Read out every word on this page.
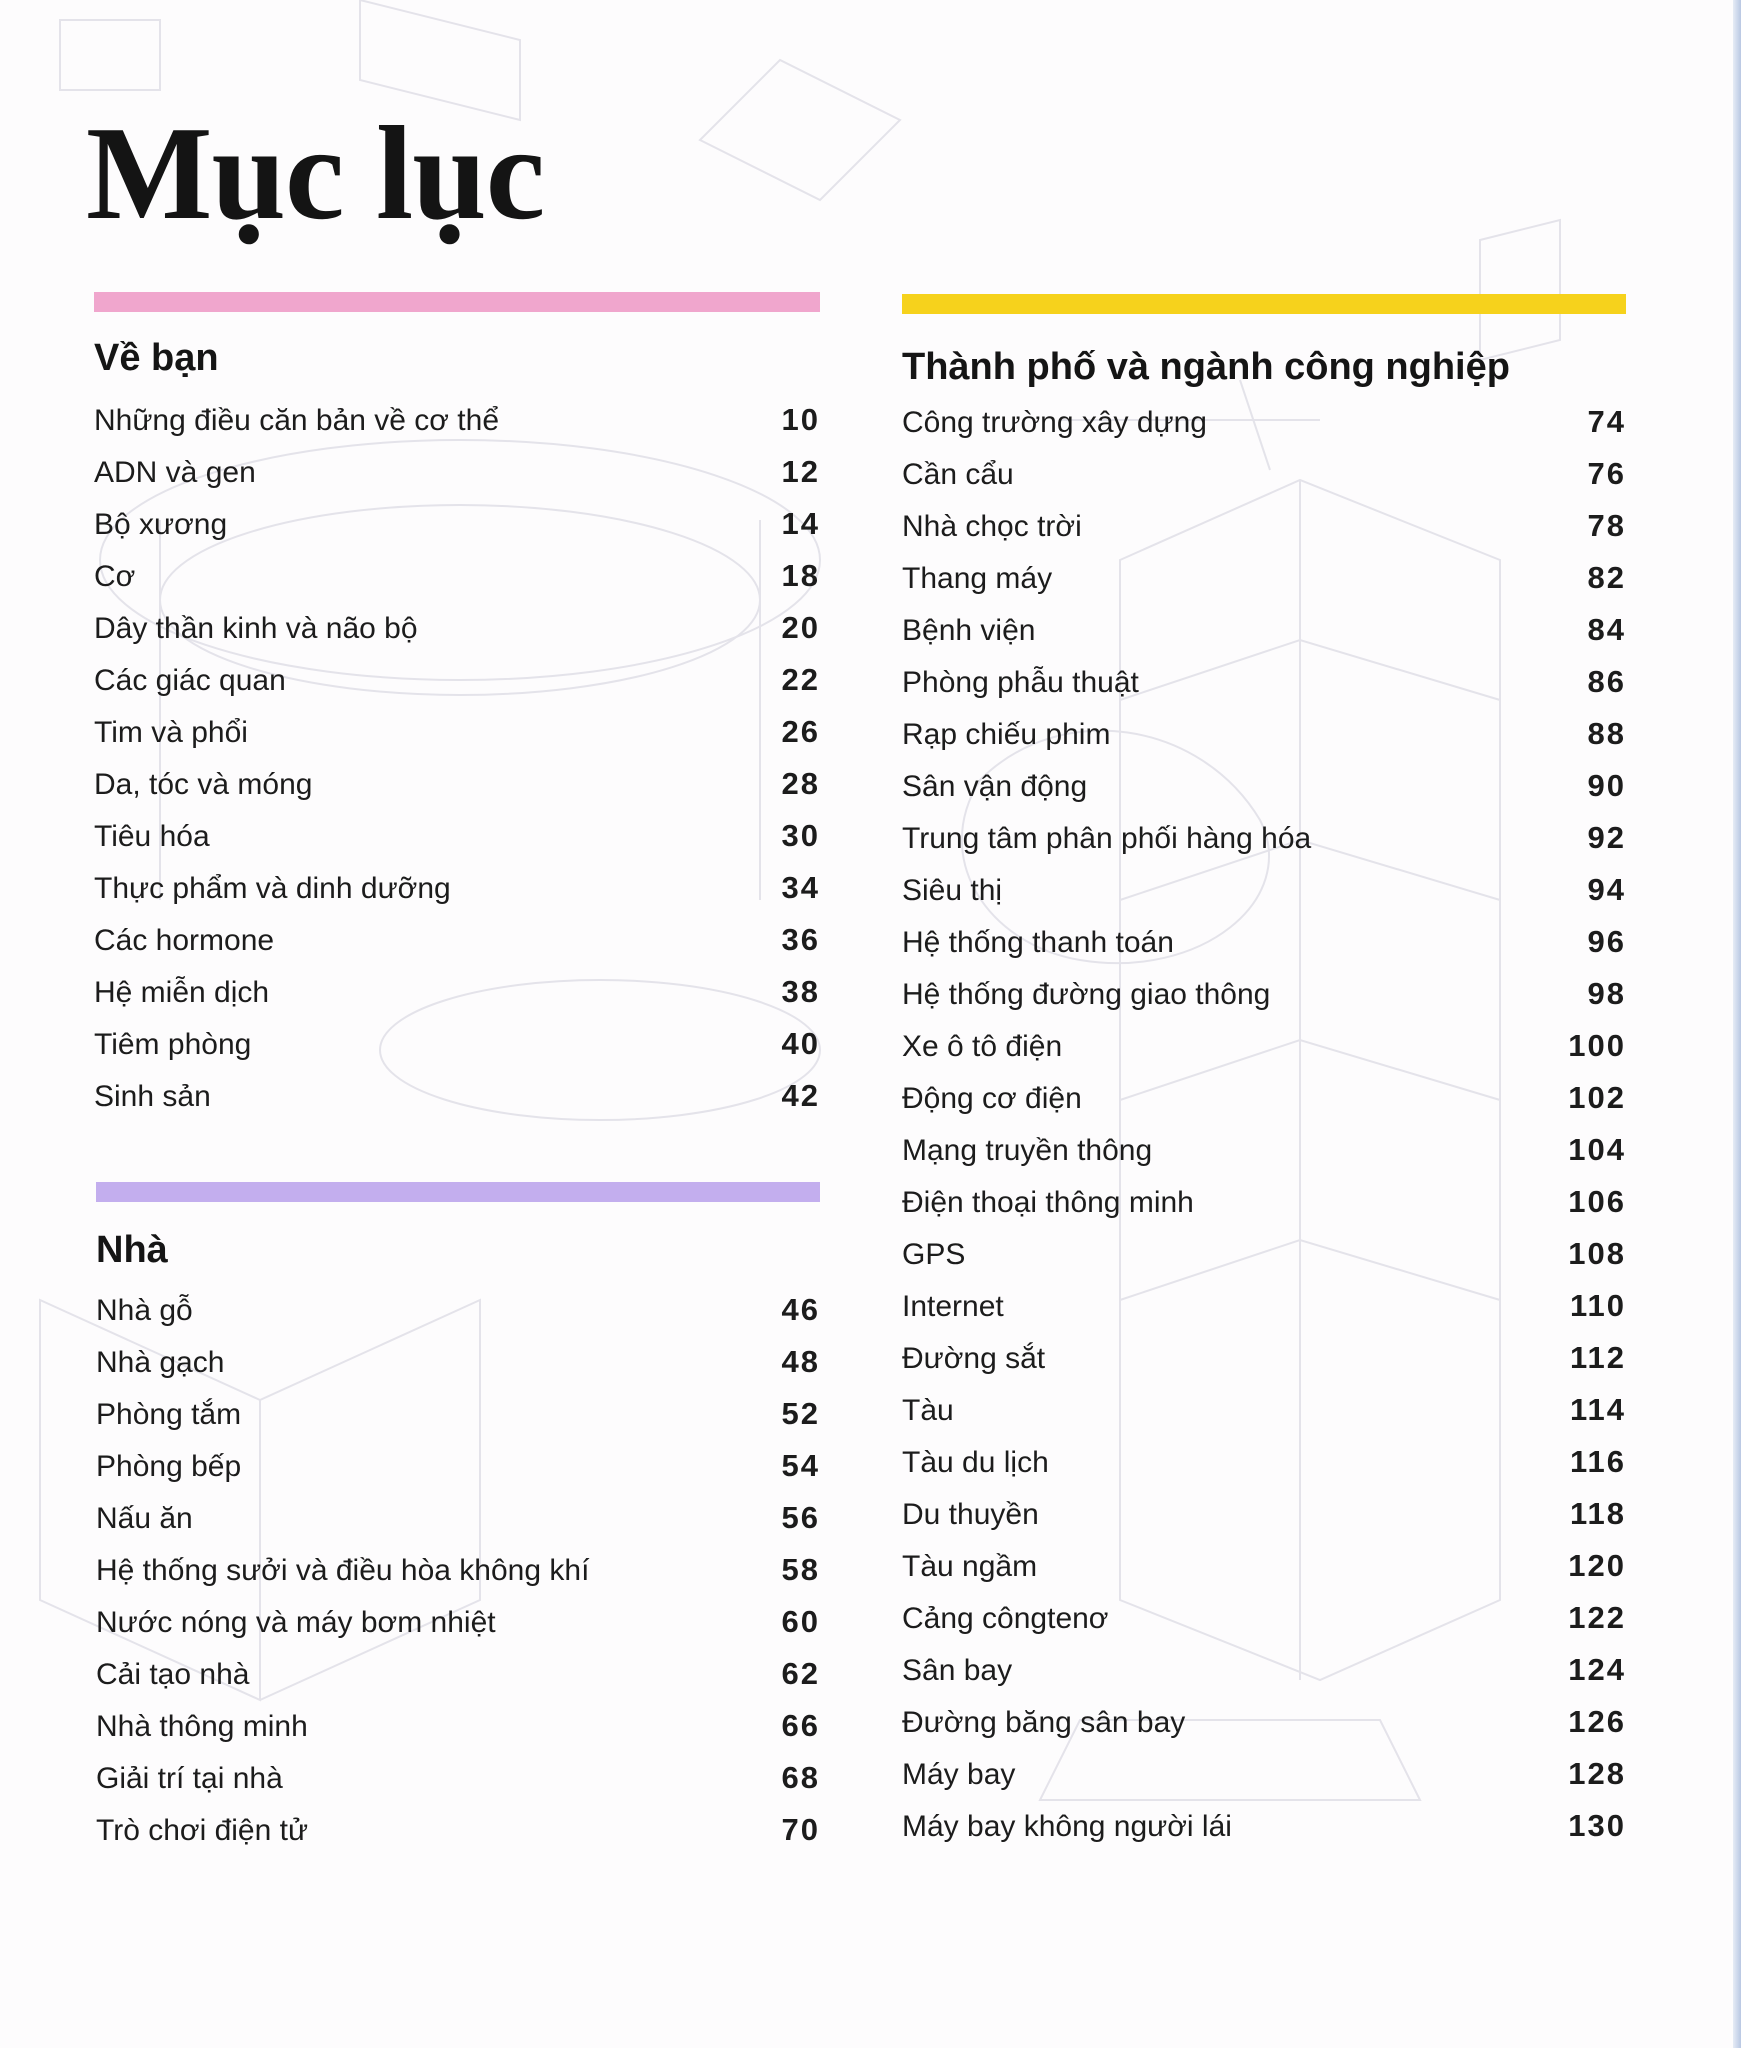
Mục lục
Về bạn
Những điều căn bản về cơ thể	10
ADN và gen	12
Bộ xương	14
Cơ	18
Dây thần kinh và não bộ	20
Các giác quan	22
Tim và phổi	26
Da, tóc và móng	28
Tiêu hóa	30
Thực phẩm và dinh dưỡng	34
Các hormone	36
Hệ miễn dịch	38
Tiêm phòng	40
Sinh sản	42
Nhà
Nhà gỗ	46
Nhà gạch	48
Phòng tắm	52
Phòng bếp	54
Nấu ăn	56
Hệ thống sưởi và điều hòa không khí	58
Nước nóng và máy bơm nhiệt	60
Cải tạo nhà	62
Nhà thông minh	66
Giải trí tại nhà	68
Trò chơi điện tử	70
Thành phố và ngành công nghiệp
Công trường xây dựng	74
Cần cẩu	76
Nhà chọc trời	78
Thang máy	82
Bệnh viện	84
Phòng phẫu thuật	86
Rạp chiếu phim	88
Sân vận động	90
Trung tâm phân phối hàng hóa	92
Siêu thị	94
Hệ thống thanh toán	96
Hệ thống đường giao thông	98
Xe ô tô điện	100
Động cơ điện	102
Mạng truyền thông	104
Điện thoại thông minh	106
GPS	108
Internet	110
Đường sắt	112
Tàu	114
Tàu du lịch	116
Du thuyền	118
Tàu ngầm	120
Cảng côngtenơ	122
Sân bay	124
Đường băng sân bay	126
Máy bay	128
Máy bay không người lái	130
